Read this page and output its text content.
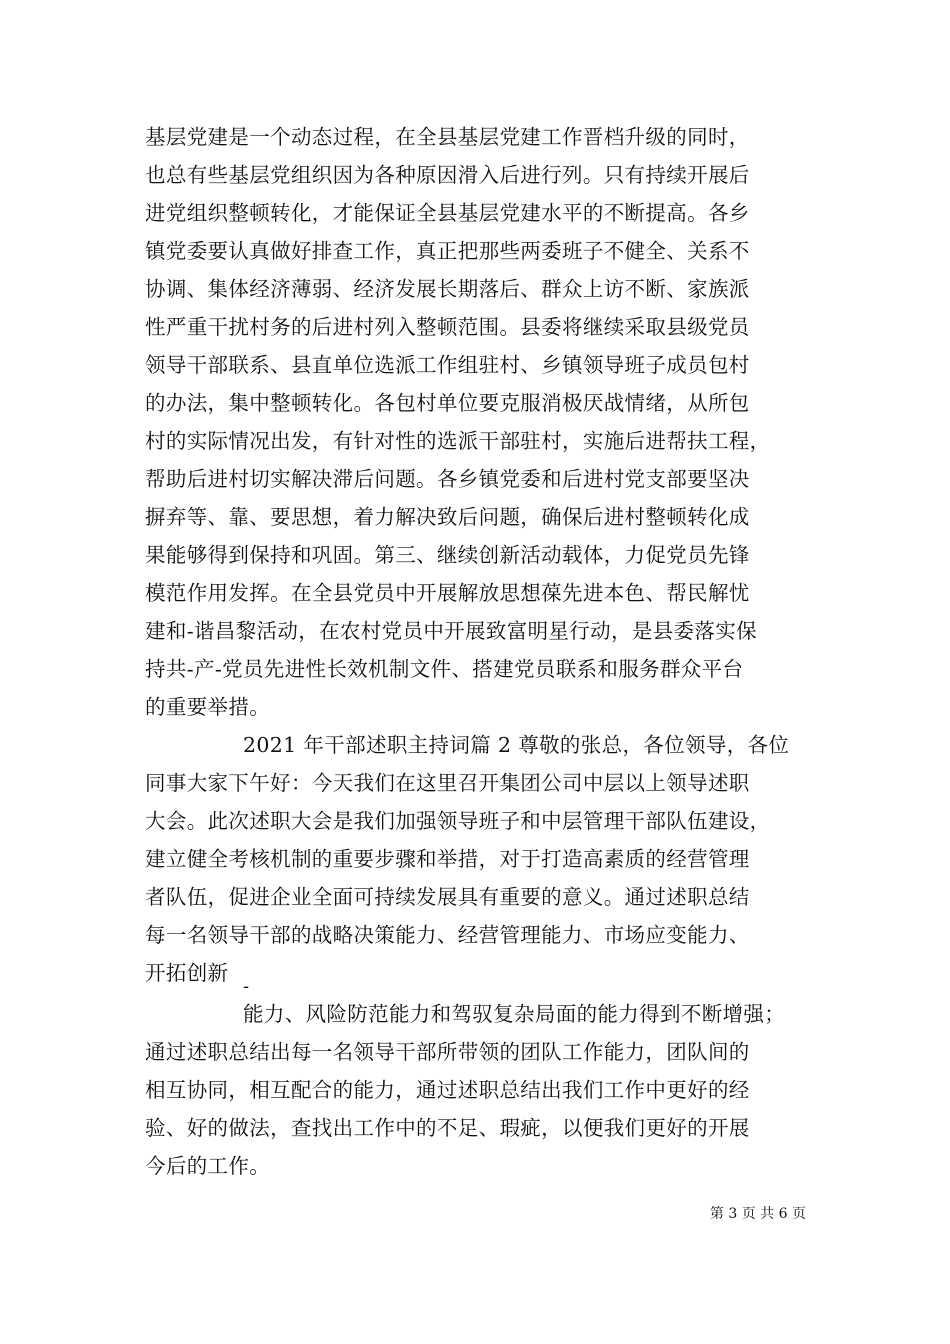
基层党建是一个动态过程，在全县基层党建工作晋档升级的同时，
也总有些基层党组织因为各种原因滑入后进行列。只有持续开展后
进党组织整顿转化，才能保证全县基层党建水平的不断提高。各乡
镇党委要认真做好排查工作，真正把那些两委班子不健全、关系不
协调、集体经济薄弱、经济发展长期落后、群众上访不断、家族派
性严重干扰村务的后进村列入整顿范围。县委将继续采取县级党员
领导干部联系、县直单位选派工作组驻村、乡镇领导班子成员包村
的办法，集中整顿转化。各包村单位要克服消极厌战情绪，从所包
村的实际情况出发，有针对性的选派干部驻村，实施后进帮扶工程，
帮助后进村切实解决滞后问题。各乡镇党委和后进村党支部要坚决
摒弃等、靠、要思想，着力解决致后问题，确保后进村整顿转化成
果能够得到保持和巩固。第三、继续创新活动载体，力促党员先锋
模范作用发挥。在全县党员中开展解放思想葆先进本色、帮民解忧
建和-谐昌黎活动，在农村党员中开展致富明星行动，是县委落实保
持共-产-党员先进性长效机制文件、搭建党员联系和服务群众平台
的重要举措。
2021 年干部述职主持词篇 2 尊敬的张总，各位领导，各位
同事大家下午好：今天我们在这里召开集团公司中层以上领导述职
大会。此次述职大会是我们加强领导班子和中层管理干部队伍建设，
建立健全考核机制的重要步骤和举措，对于打造高素质的经营管理
者队伍，促进企业全面可持续发展具有重要的意义。通过述职总结
每一名领导干部的战略决策能力、经营管理能力、市场应变能力、
开拓创新
-
能力、风险防范能力和驾驭复杂局面的能力得到不断增强；
通过述职总结出每一名领导干部所带领的团队工作能力，团队间的
相互协同，相互配合的能力，通过述职总结出我们工作中更好的经
验、好的做法，查找出工作中的不足、瑕疵，以便我们更好的开展
今后的工作。
第 3 页 共 6 页
